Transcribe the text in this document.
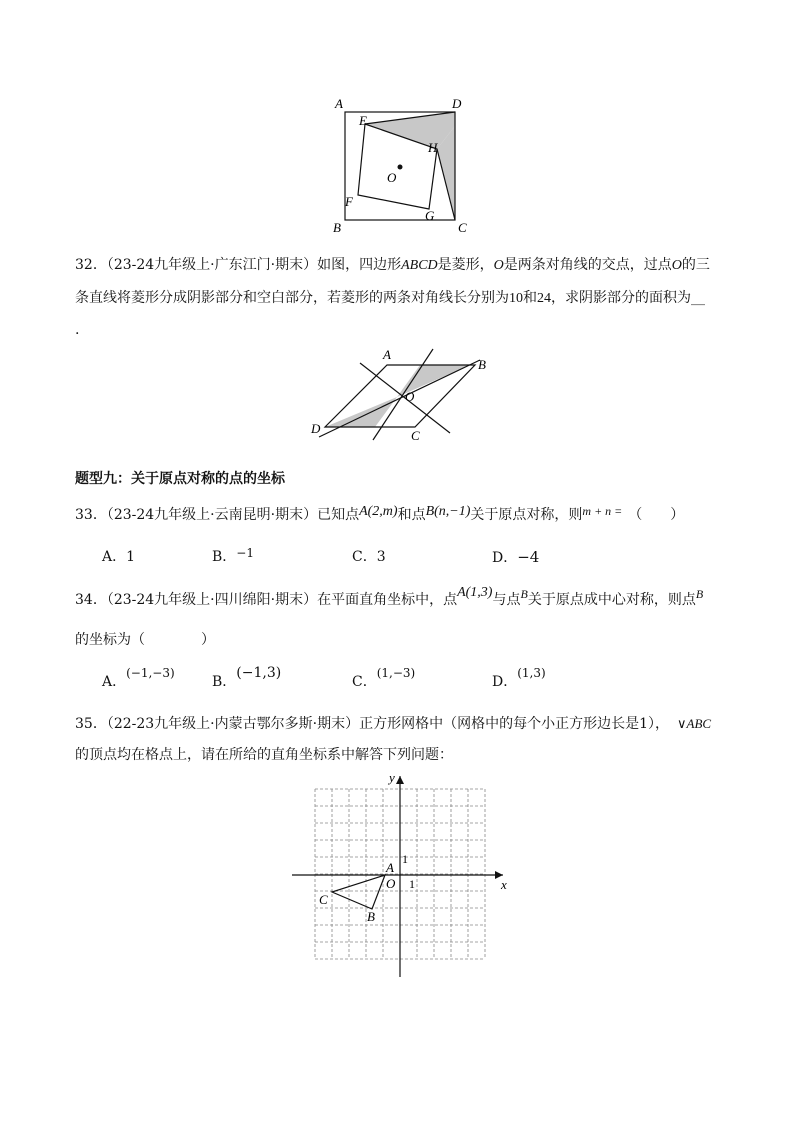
A	D
E
H
O
F
G
B	C
32．（23-24九年级上·广东江门·期末）如图，四边形ABCD是菱形，O是两条对角线的交点，过点O的三
条直线将菱形分成阴影部分和空白部分，若菱形的两条对角线长分别为10和24，求阴影部分的面积为__
.
A
B
O
D	C
题型九：关于原点对称的点的坐标
33．（23-24九年级上·云南昆明·期末）已知点A(2,m)和点B(n,−1)关于原点对称，则m + n = （　　）
A．1	B．−1	C．3	D．−4
34．（23-24九年级上·四川绵阳·期末）在平面直角坐标中，点A(1,3)与点B关于原点成中心对称，则点B
的坐标为（　　　　）
A．(−1,−3)
B．(−1,3)
C．(1,−3)
D．(1,3)
35．（22-23九年级上·内蒙古鄂尔多斯·期末）正方形网格中（网格中的每个小正方形边长是1）， ∨ABC
的顶点均在格点上，请在所给的直角坐标系中解答下列问题：
y
x
O 1
1
A
B
C
